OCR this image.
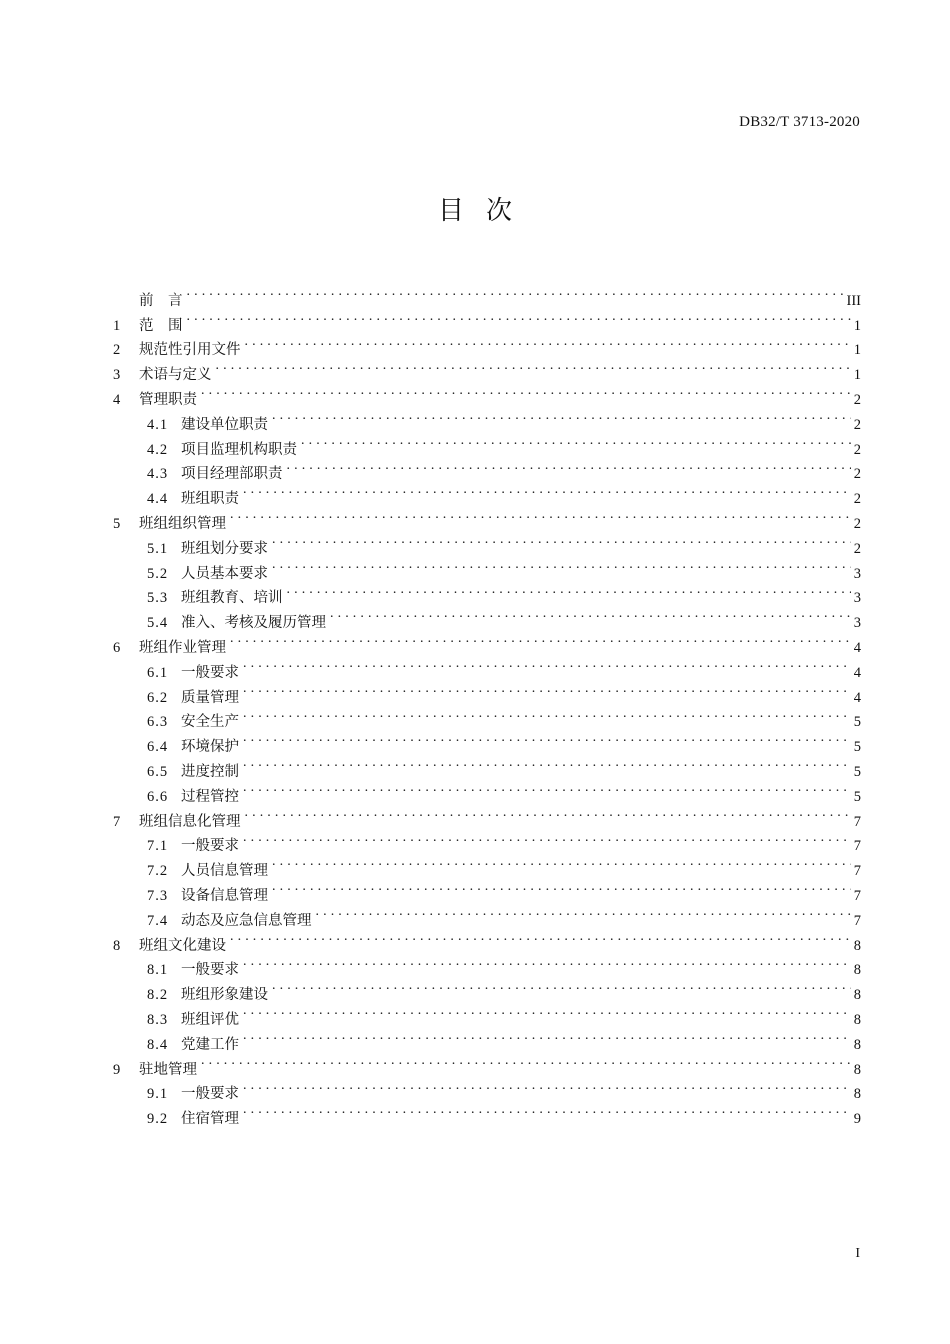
DB32/T 3713-2020
目 次
前　言 . . .	III
1	范　围 . . .	1
2	规范性引用文件 . . .	1
3	术语与定义 . . .	1
4	管理职责 . . .	2
4.1 建设单位职责 . . .	2
4.2 项目监理机构职责 . . .	2
4.3 项目经理部职责 . . .	2
4.4 班组职责 . . .	2
5	班组组织管理 . . .	2
5.1 班组划分要求 . . .	2
5.2 人员基本要求 . . .	3
5.3 班组教育、培训 . . .	3
5.4 准入、考核及履历管理 . . .	3
6	班组作业管理 . . .	4
6.1 一般要求 . . .	4
6.2 质量管理 . . .	4
6.3 安全生产 . . .	5
6.4 环境保护 . . .	5
6.5 进度控制 . . .	5
6.6 过程管控 . . .	5
7	班组信息化管理 . . .	7
7.1 一般要求 . . .	7
7.2 人员信息管理 . . .	7
7.3 设备信息管理 . . .	7
7.4 动态及应急信息管理 . . .	7
8	班组文化建设 . . .	8
8.1 一般要求 . . .	8
8.2 班组形象建设 . . .	8
8.3 班组评优 . . .	8
8.4 党建工作 . . .	8
9	驻地管理 . . .	8
9.1 一般要求 . . .	8
9.2 住宿管理 . . .	9
I
